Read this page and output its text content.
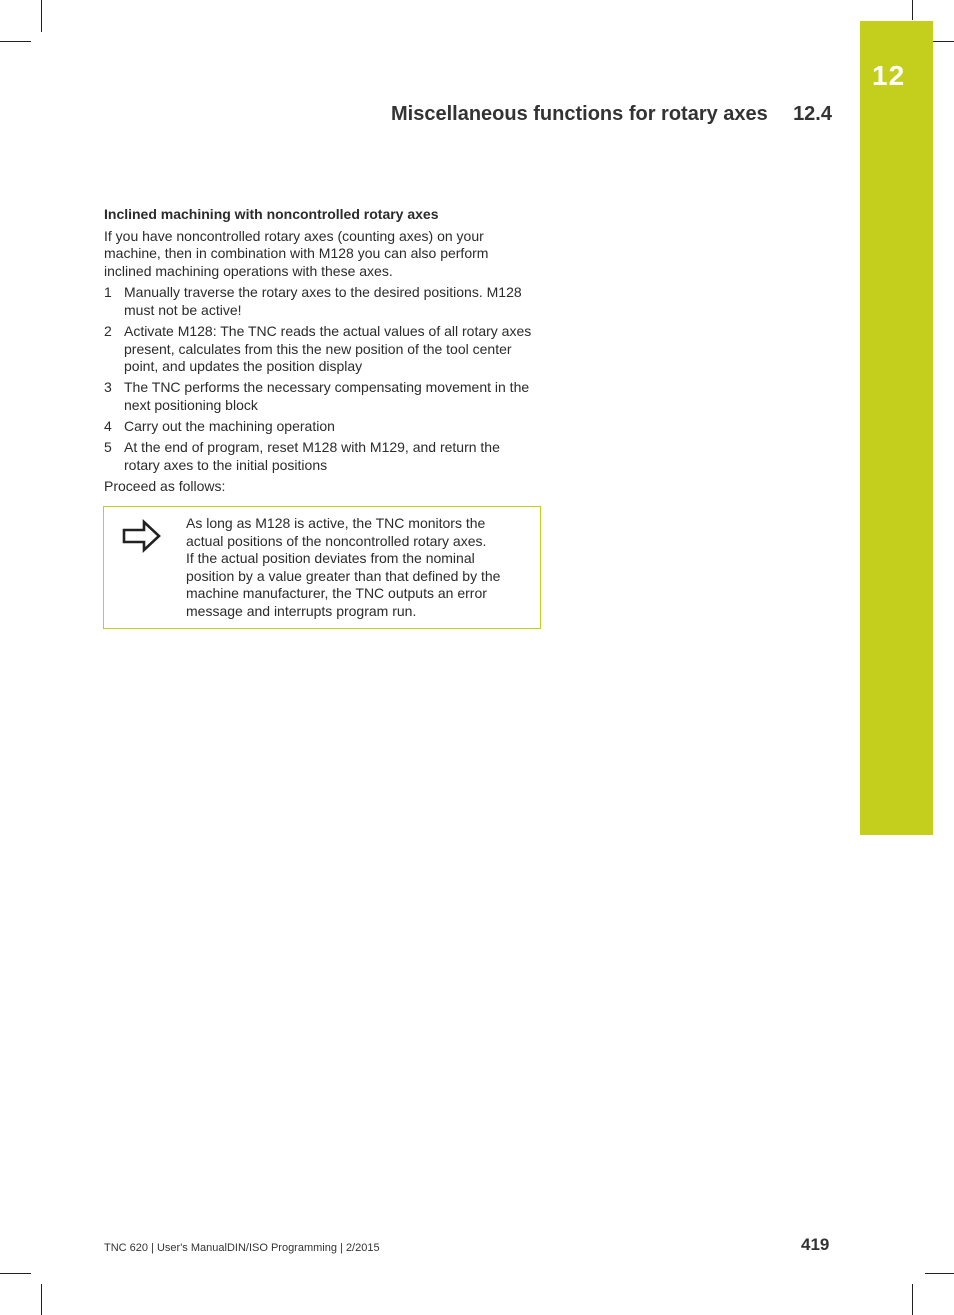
12
Miscellaneous functions for rotary axes 12.4
Inclined machining with noncontrolled rotary axes
If you have noncontrolled rotary axes (counting axes) on your machine, then in combination with M128 you can also perform inclined machining operations with these axes.
1 Manually traverse the rotary axes to the desired positions. M128 must not be active!
2 Activate M128: The TNC reads the actual values of all rotary axes present, calculates from this the new position of the tool center point, and updates the position display
3 The TNC performs the necessary compensating movement in the next positioning block
4 Carry out the machining operation
5 At the end of program, reset M128 with M129, and return the rotary axes to the initial positions
Proceed as follows:
As long as M128 is active, the TNC monitors the actual positions of the noncontrolled rotary axes.
If the actual position deviates from the nominal position by a value greater than that defined by the machine manufacturer, the TNC outputs an error message and interrupts program run.
TNC 620 | User's ManualDIN/ISO Programming | 2/2015	419
